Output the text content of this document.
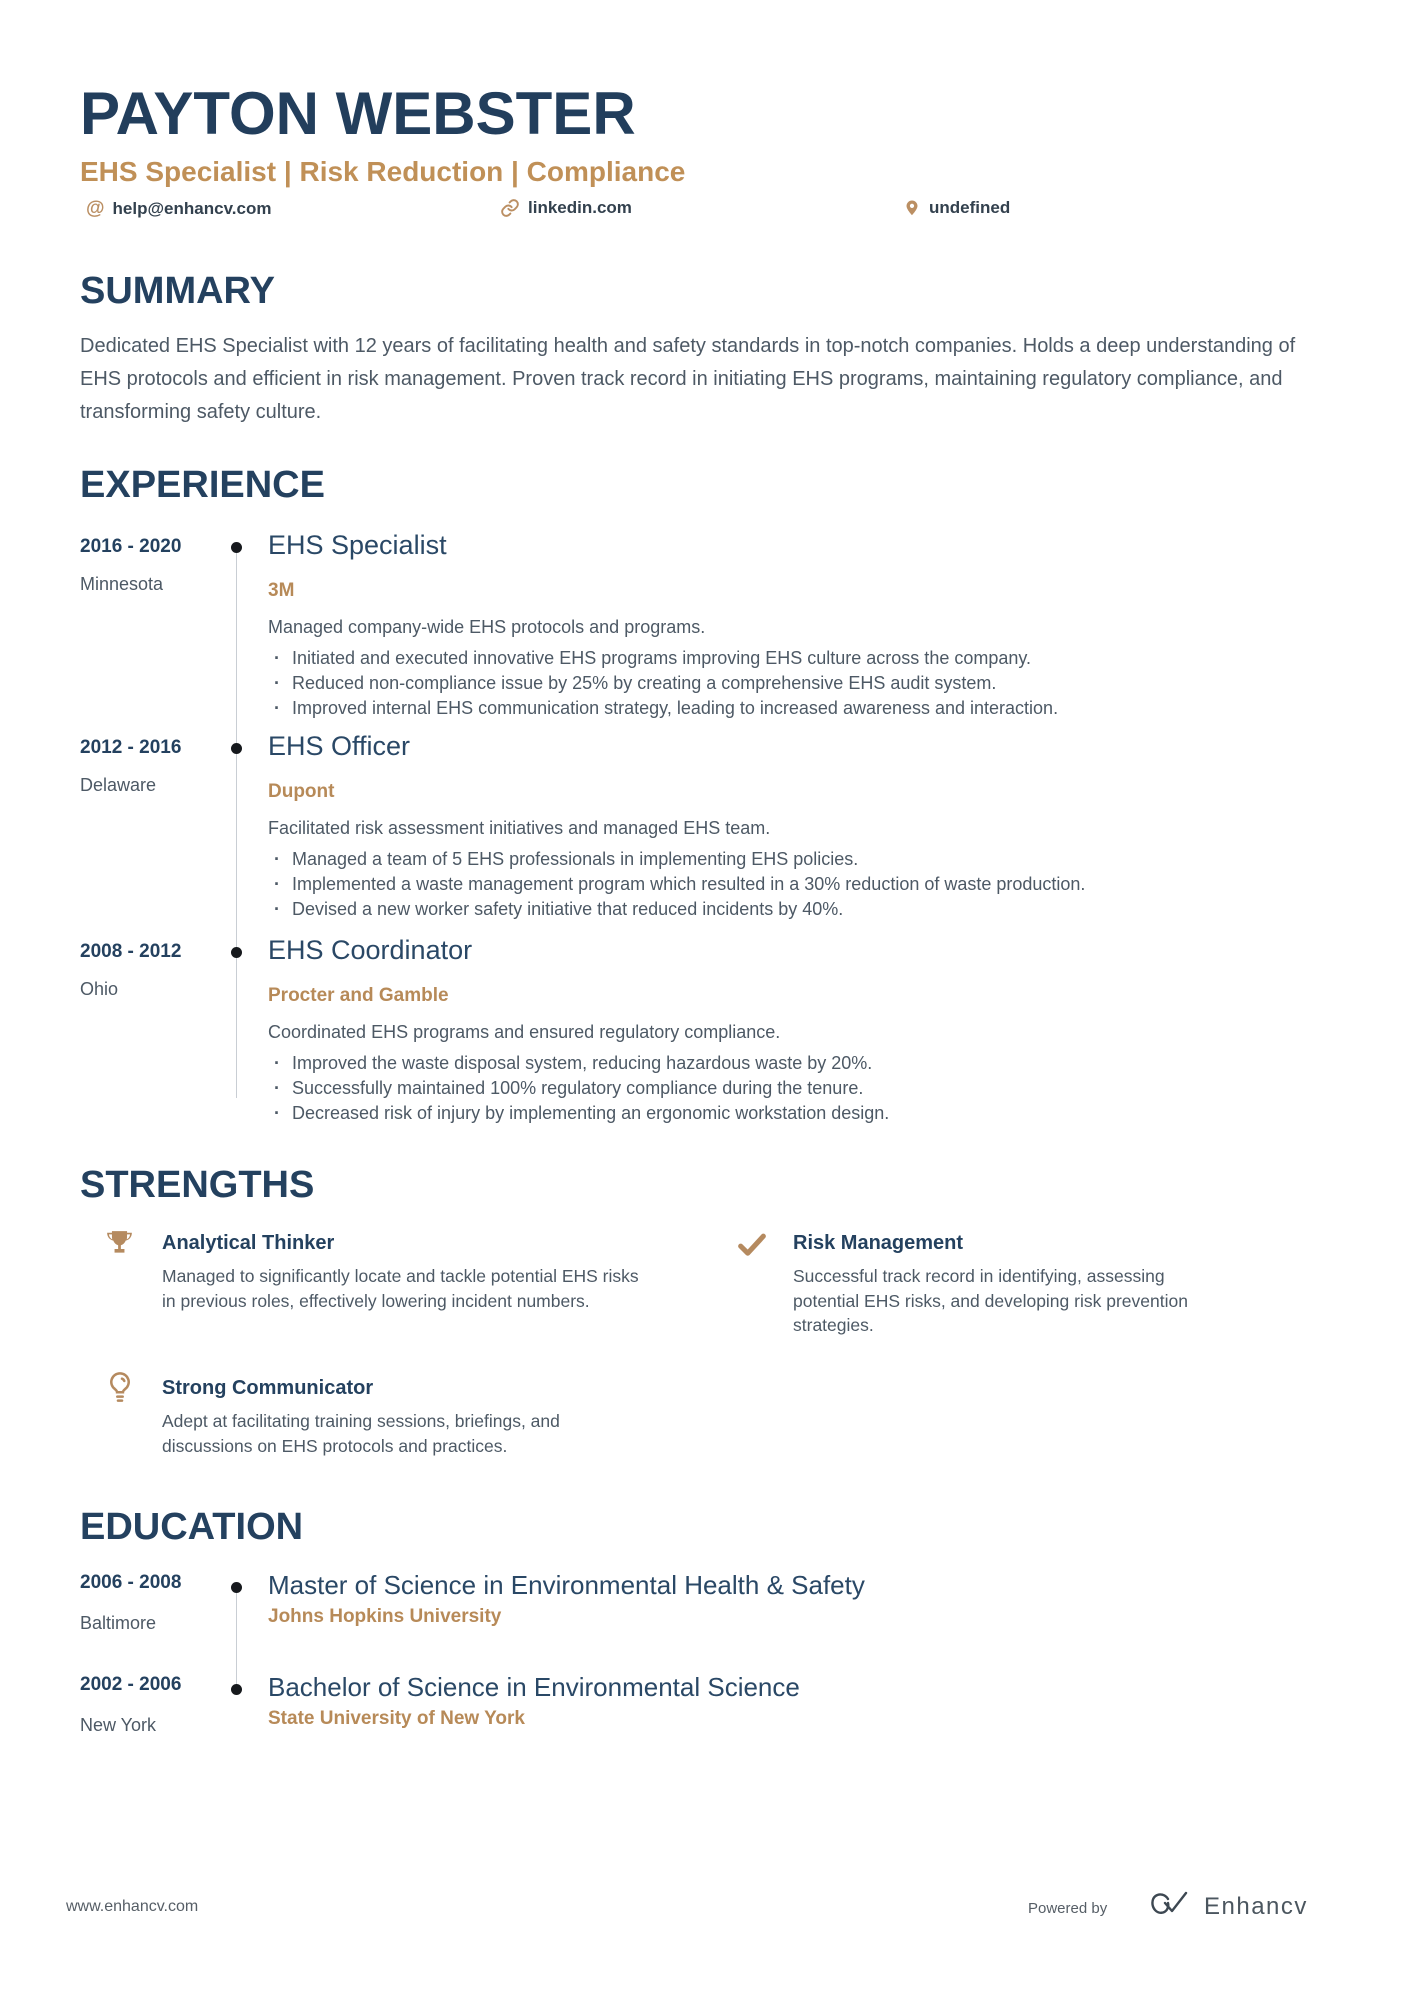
PAYTON WEBSTER
EHS Specialist | Risk Reduction | Compliance
@ help@enhancv.com	linkedin.com	undefined
SUMMARY
Dedicated EHS Specialist with 12 years of facilitating health and safety standards in top-notch companies. Holds a deep understanding of EHS protocols and efficient in risk management. Proven track record in initiating EHS programs, maintaining regulatory compliance, and transforming safety culture.
EXPERIENCE
2016 - 2020
Minnesota
EHS Specialist
3M
Managed company-wide EHS protocols and programs.
· Initiated and executed innovative EHS programs improving EHS culture across the company.
· Reduced non-compliance issue by 25% by creating a comprehensive EHS audit system.
· Improved internal EHS communication strategy, leading to increased awareness and interaction.
2012 - 2016
Delaware
EHS Officer
Dupont
Facilitated risk assessment initiatives and managed EHS team.
· Managed a team of 5 EHS professionals in implementing EHS policies.
· Implemented a waste management program which resulted in a 30% reduction of waste production.
· Devised a new worker safety initiative that reduced incidents by 40%.
2008 - 2012
Ohio
EHS Coordinator
Procter and Gamble
Coordinated EHS programs and ensured regulatory compliance.
· Improved the waste disposal system, reducing hazardous waste by 20%.
· Successfully maintained 100% regulatory compliance during the tenure.
· Decreased risk of injury by implementing an ergonomic workstation design.
STRENGTHS
Analytical Thinker
Managed to significantly locate and tackle potential EHS risks in previous roles, effectively lowering incident numbers.
Risk Management
Successful track record in identifying, assessing potential EHS risks, and developing risk prevention strategies.
Strong Communicator
Adept at facilitating training sessions, briefings, and discussions on EHS protocols and practices.
EDUCATION
2006 - 2008
Baltimore
Master of Science in Environmental Health & Safety
Johns Hopkins University
2002 - 2006
New York
Bachelor of Science in Environmental Science
State University of New York
www.enhancv.com	Powered by	Enhancv
